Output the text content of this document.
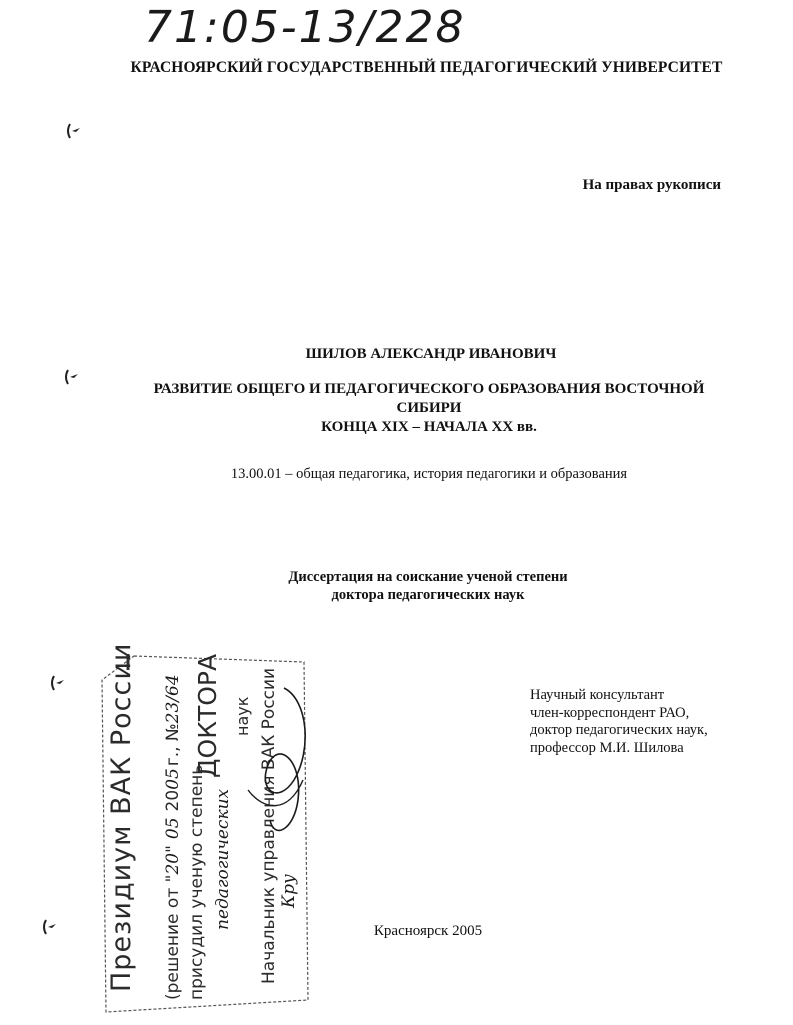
71:05-13/228
КРАСНОЯРСКИЙ ГОСУДАРСТВЕННЫЙ ПЕДАГОГИЧЕСКИЙ УНИВЕРСИТЕТ
На правах рукописи
ШИЛОВ АЛЕКСАНДР ИВАНОВИЧ
РАЗВИТИЕ ОБЩЕГО И ПЕДАГОГИЧЕСКОГО ОБРАЗОВАНИЯ ВОСТОЧНОЙ СИБИРИ
КОНЦА XIX – НАЧАЛА XX вв.
13.00.01 – общая педагогика, история педагогики и образования
Диссертация на соискание ученой степени
доктора педагогических наук
Научный консультант
член-корреспондент РАО,
доктор педагогических наук,
профессор М.И. Шилова
Красноярск 2005
Президиум ВАК России (решение от "20"052005г., №23/64
присудил ученую степень
ДОКТОРА
педагогических
наук Начальник управления ВАК России Кру
